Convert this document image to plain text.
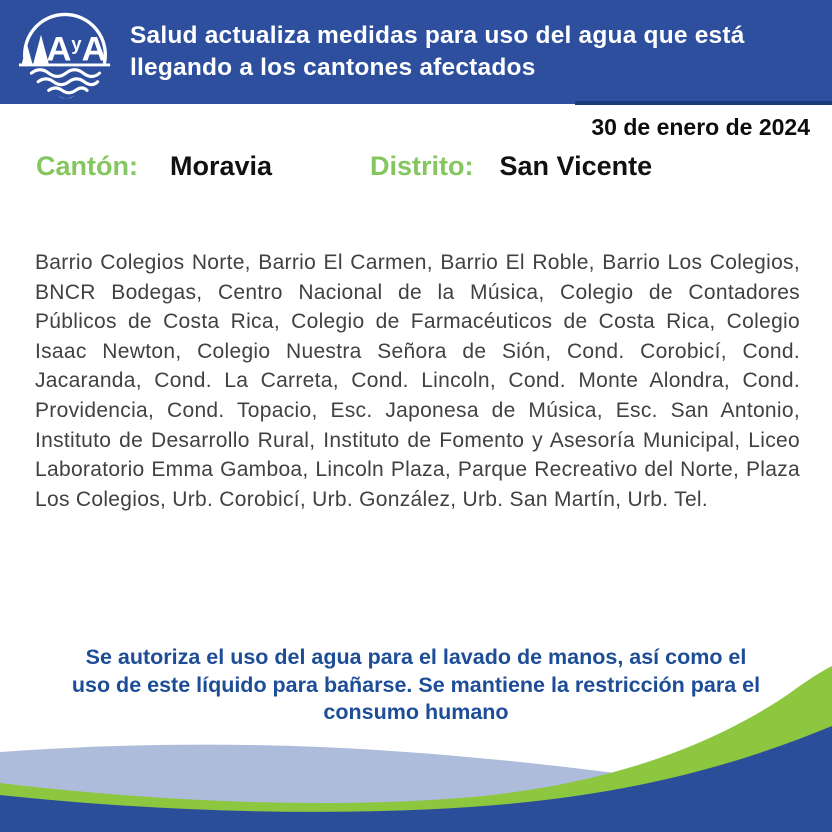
$A^yA$ Salud actualiza medidas para uso del agua que está llegando a los cantones afectados
30 de enero de 2024
Cantón: Moravia	Distrito: San Vicente

Barrio Colegios Norte, Barrio El Carmen, Barrio El Roble, Barrio Los Colegios, BNCR Bodegas, Centro Nacional de la Música, Colegio de Contadores Públicos de Costa Rica, Colegio de Farmacéuticos de Costa Rica, Colegio Isaac Newton, Colegio Nuestra Señora de Sión, Cond. Corobicí, Cond. Jacaranda, Cond. La Carreta, Cond. Lincoln, Cond. Monte Alondra, Cond. Providencia, Cond. Topacio, Esc. Japonesa de Música, Esc. San Antonio, Instituto de Desarrollo Rural, Instituto de Fomento y Asesoría Municipal, Liceo Laboratorio Emma Gamboa, Lincoln Plaza, Parque Recreativo del Norte, Plaza Los Colegios, Urb. Corobicí, Urb. González, Urb. San Martín, Urb. Tel.

Se autoriza el uso del agua para el lavado de manos, así como el uso de este líquido para bañarse. Se mantiene la restricción para el consumo humano
